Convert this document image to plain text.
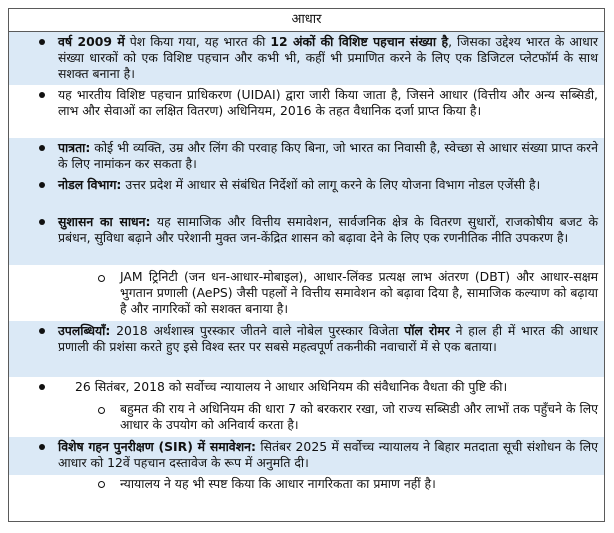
आधार
वर्ष 2009 में पेश किया गया, यह भारत की 12 अंकों की विशिष्ट पहचान संख्या है, जिसका उद्देश्य भारत के आधार संख्या धारकों को एक विशिष्ट पहचान और कभी भी, कहीं भी प्रमाणित करने के लिए एक डिजिटल प्लेटफॉर्म के साथ सशक्त बनाना है।
यह भारतीय विशिष्ट पहचान प्राधिकरण (UIDAI) द्वारा जारी किया जाता है, जिसने आधार (वित्तीय और अन्य सब्सिडी, लाभ और सेवाओं का लक्षित वितरण) अधिनियम, 2016 के तहत वैधानिक दर्जा प्राप्त किया है।
पात्रता: कोई भी व्यक्ति, उम्र और लिंग की परवाह किए बिना, जो भारत का निवासी है, स्वेच्छा से आधार संख्या प्राप्त करने के लिए नामांकन कर सकता है।
नोडल विभाग: उत्तर प्रदेश में आधार से संबंधित निर्देशों को लागू करने के लिए योजना विभाग नोडल एजेंसी है।
सुशासन का साधन: यह सामाजिक और वित्तीय समावेशन, सार्वजनिक क्षेत्र के वितरण सुधारों, राजकोषीय बजट के प्रबंधन, सुविधा बढ़ाने और परेशानी मुक्त जन-केंद्रित शासन को बढ़ावा देने के लिए एक रणनीतिक नीति उपकरण है।
JAM ट्रिनिटी (जन धन-आधार-मोबाइल), आधार-लिंक्ड प्रत्यक्ष लाभ अंतरण (DBT) और आधार-सक्षम भुगतान प्रणाली (AePS) जैसी पहलों ने वित्तीय समावेशन को बढ़ावा दिया है, सामाजिक कल्याण को बढ़ाया है और नागरिकों को सशक्त बनाया है।
उपलब्धियाँ: 2018 अर्थशास्त्र पुरस्कार जीतने वाले नोबेल पुरस्कार विजेता पॉल रोमर ने हाल ही में भारत की आधार प्रणाली की प्रशंसा करते हुए इसे विश्व स्तर पर सबसे महत्वपूर्ण तकनीकी नवाचारों में से एक बताया।
26 सितंबर, 2018 को सर्वोच्च न्यायालय ने आधार अधिनियम की संवैधानिक वैधता की पुष्टि की।
बहुमत की राय ने अधिनियम की धारा 7 को बरकरार रखा, जो राज्य सब्सिडी और लाभों तक पहुँचने के लिए आधार के उपयोग को अनिवार्य करता है।
विशेष गहन पुनरीक्षण (SIR) में समावेशन: सितंबर 2025 में सर्वोच्च न्यायालय ने बिहार मतदाता सूची संशोधन के लिए आधार को 12वें पहचान दस्तावेज के रूप में अनुमति दी।
न्यायालय ने यह भी स्पष्ट किया कि आधार नागरिकता का प्रमाण नहीं है।
